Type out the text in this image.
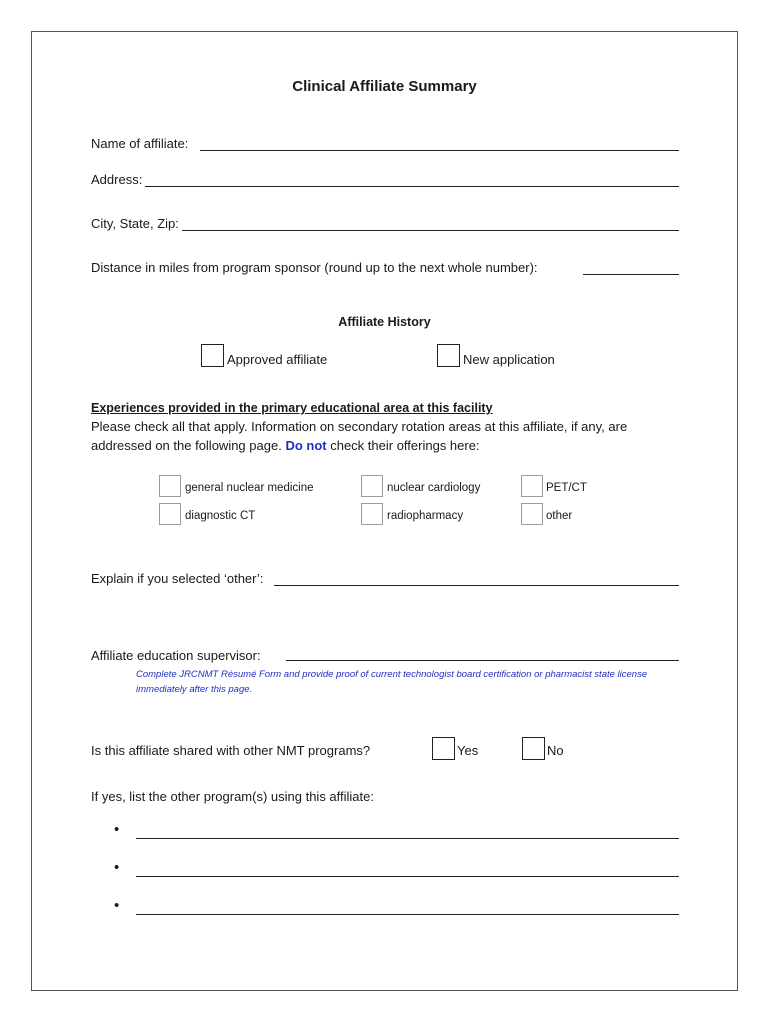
Clinical Affiliate Summary
Name of affiliate:
Address:
City, State, Zip:
Distance in miles from program sponsor (round up to the next whole number):
Affiliate History
Approved affiliate	New application
Experiences provided in the primary educational area at this facility
Please check all that apply. Information on secondary rotation areas at this affiliate, if any, are addressed on the following page. Do not check their offerings here:
general nuclear medicine	nuclear cardiology	PET/CT
diagnostic CT	radiopharmacy	other
Explain if you selected ‘other’:
Affiliate education supervisor:
Complete JRCNMT Résumé Form and provide proof of current technologist board certification or pharmacist state license immediately after this page.
Is this affiliate shared with other NMT programs?	Yes	No
If yes, list the other program(s) using this affiliate:
•
•
•
